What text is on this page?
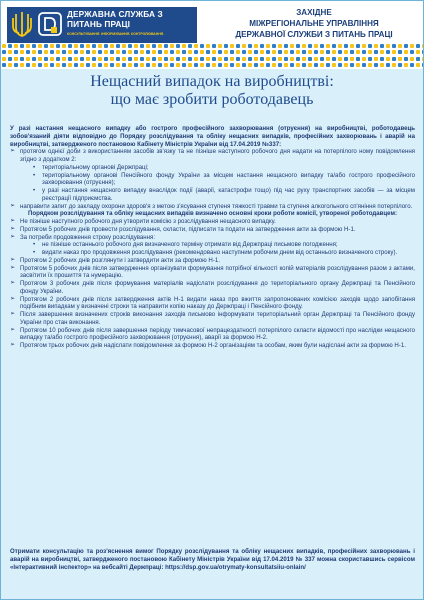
ДЕРЖАВНА СЛУЖБА З ПИТАНЬ ПРАЦІ
КОНСУЛЬТУВАННЯ. ІНФОРМУВАННЯ. КОНТРОЛЮВАННЯ.
ЗАХІДНЕ
МІЖРЕГІОНАЛЬНЕ УПРАВЛІННЯ
ДЕРЖАВНОЇ СЛУЖБИ З ПИТАНЬ ПРАЦІ
Нещасний випадок на виробництві:
що має зробити роботодавець

У разі настання нещасного випадку або гострого професійного захворювання (отруєння) на виробництві, роботодавець зобов'язаний діяти відповідно до Порядку розслідування та обліку нещасних випадків, професійних захворювань і аварій на виробництві, затвердженого постановою Кабінету Міністрів України від 17.04.2019 №337:

➢ протягом однієї доби з використанням засобів зв'язку та не пізніше наступного робочого дня надати на потерпілого ному повідомлення згідно з додатком 2:
• територіальному органові Держпраці;
• територіальному органові Пенсійного фонду України за місцем настання нещасного випадку та/або гострого професійного захворювання (отруєння);
• у разі настання нещасного випадку внаслідок події (аварії, катастрофи тощо) під час руху транспортних засобів — за місцем реєстрації підприємства.
➢ направити запит до закладу охорони здоров'я з метою з'ясування ступеня тяжкості травми та ступеня алкогольного сп'яніння потерпілого.

Порядком розслідування та обліку нещасних випадків визначено основні кроки роботи комісії, утвореної роботодавцем:

➢ Не пізніше наступного робочого дня утворити комісію з розслідування нещасного випадку.
➢ Протягом 5 робочих днів провести розслідування, скласти, підписати та подати на затвердження акти за формою Н-1.
➢ За потреби продовження строку розслідування:
• не пізніше останнього робочого дня визначеного терміну отримати від Держпраці письмове погодження;
• видати наказ про продовження розслідування (рекомендовано наступним робочим днем від останнього визначеного строку).
➢ Протягом 2 робочих днів розглянути і затвердити акти за формою Н-1.
➢ Протягом 5 робочих днів після затвердження організувати формування потрібної кількості копій матеріалів розслідування разом з актами, засвітити їх прошиття та нумерацію.
➢ Протягом 3 робочих днів після формування матеріалів надіслати розслідування до територіального органу Держпраці та Пенсійного фонду України.
➢ Протягом 2 робочих днів після затвердження актів Н-1 видати наказ про вжиття запропонованих комісією заходів щодо запобігання подібним випадкам у визначені строки та направити копію наказу до Держпраці і Пенсійного фонду.
➢ Після завершення визначених строків виконання заходів письмово інформувати територіальний орган Держпраці та Пенсійного фонду України про стан виконання.
➢ Протягом 10 робочих днів після завершення періоду тимчасової непрацездатності потерпілого скласти відомості про наслідки нещасного випадку та/або гострого професійного захворювання (отруєння), аварії за формою Н-2.
➢ Протягом трьох робочих днів надіслати повідомлення за формою Н-2 організаціям та особам, яким були надіслані акти за формою Н-1.
Отримати консультацію та роз'яснення вимог Порядку розслідування та обліку нещасних випадків, професійних захворювань і аварій на виробництві, затвердженого постановою Кабінету Міністрів України від 17.04.2019 № 337 можна скориставшись сервісом «Інтерактивний інспектор» на вебсайті Держпраці: https://dsp.gov.ua/otrymaty-konsultatsiiu-onlain/
